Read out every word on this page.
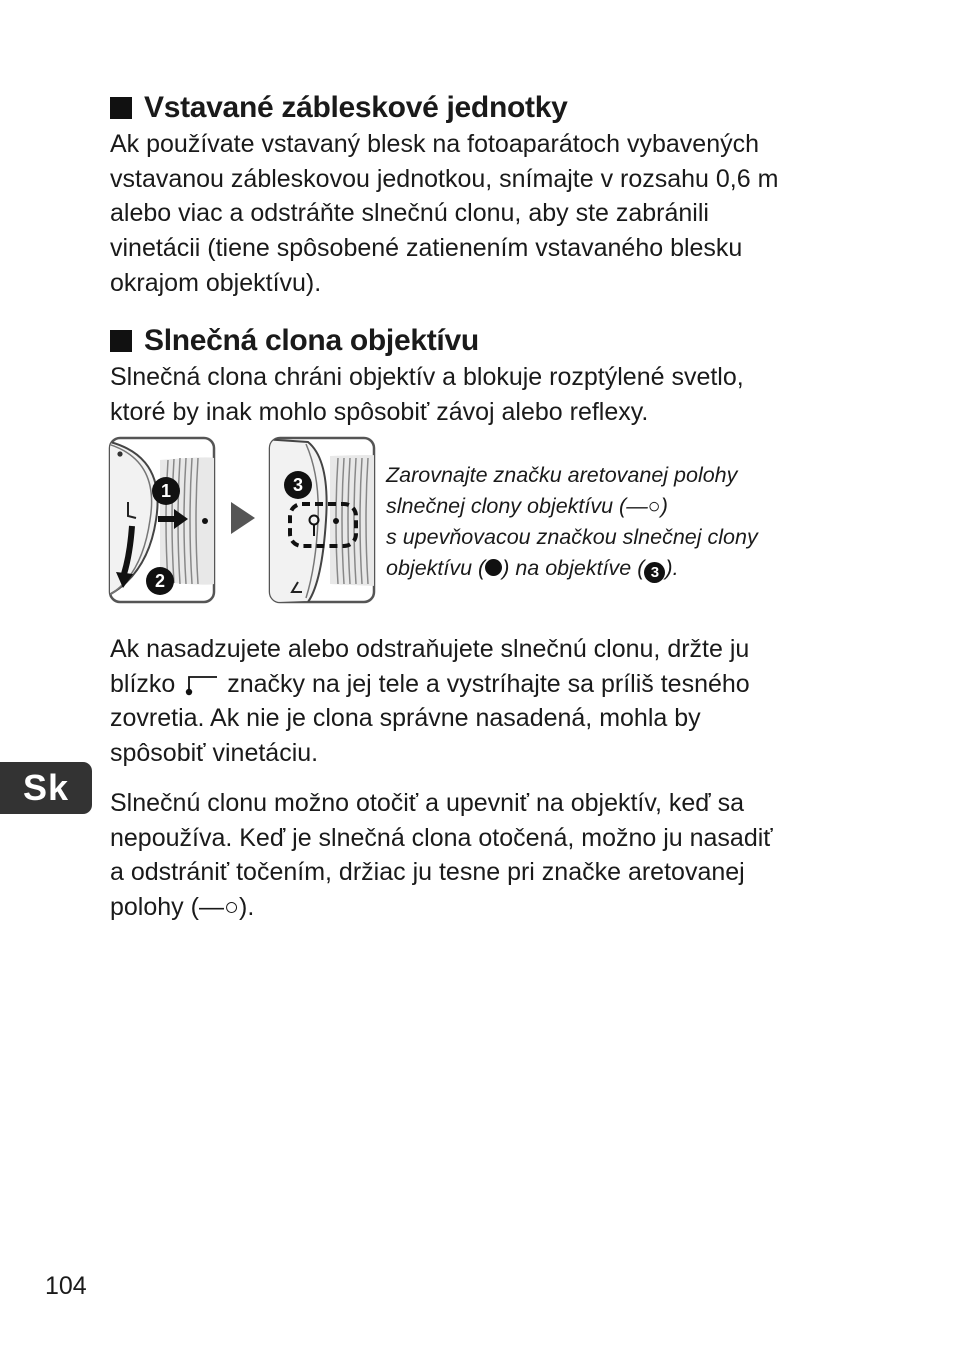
Vstavané zábleskové jednotky

Ak používate vstavaný blesk na fotoaparátoch vybavených
vstavanou zábleskovou jednotkou, snímajte v rozsahu 0,6 m
alebo viac a odstráňte slnečnú clonu, aby ste zabránili
vinetácii (tiene spôsobené zatienením vstavaného blesku
okrajom objektívu).

Slnečná clona objektívu

Slnečná clona chráni objektív a blokuje rozptýlené svetlo,
ktoré by inak mohlo spôsobiť závoj alebo reflexy.

1
2
3	Zarovnajte značku aretovanej polohy
slnečnej clony objektívu (—○)
s upevňovacou značkou slnečnej clony
objektívu ( ) na objektíve ( 3 ).

Ak nasadzujete alebo odstraňujete slnečnú clonu, držte ju
blízko značky na jej tele a vystríhajte sa príliš tesného
zovretia. Ak nie je clona správne nasadená, mohla by
spôsobiť vinetáciu.

Slnečnú clonu možno otočiť a upevniť na objektív, keď sa
nepoužíva. Keď je slnečná clona otočená, možno ju nasadiť
a odstrániť točením, držiac ju tesne pri značke aretovanej
polohy (—○).

Sk

104
